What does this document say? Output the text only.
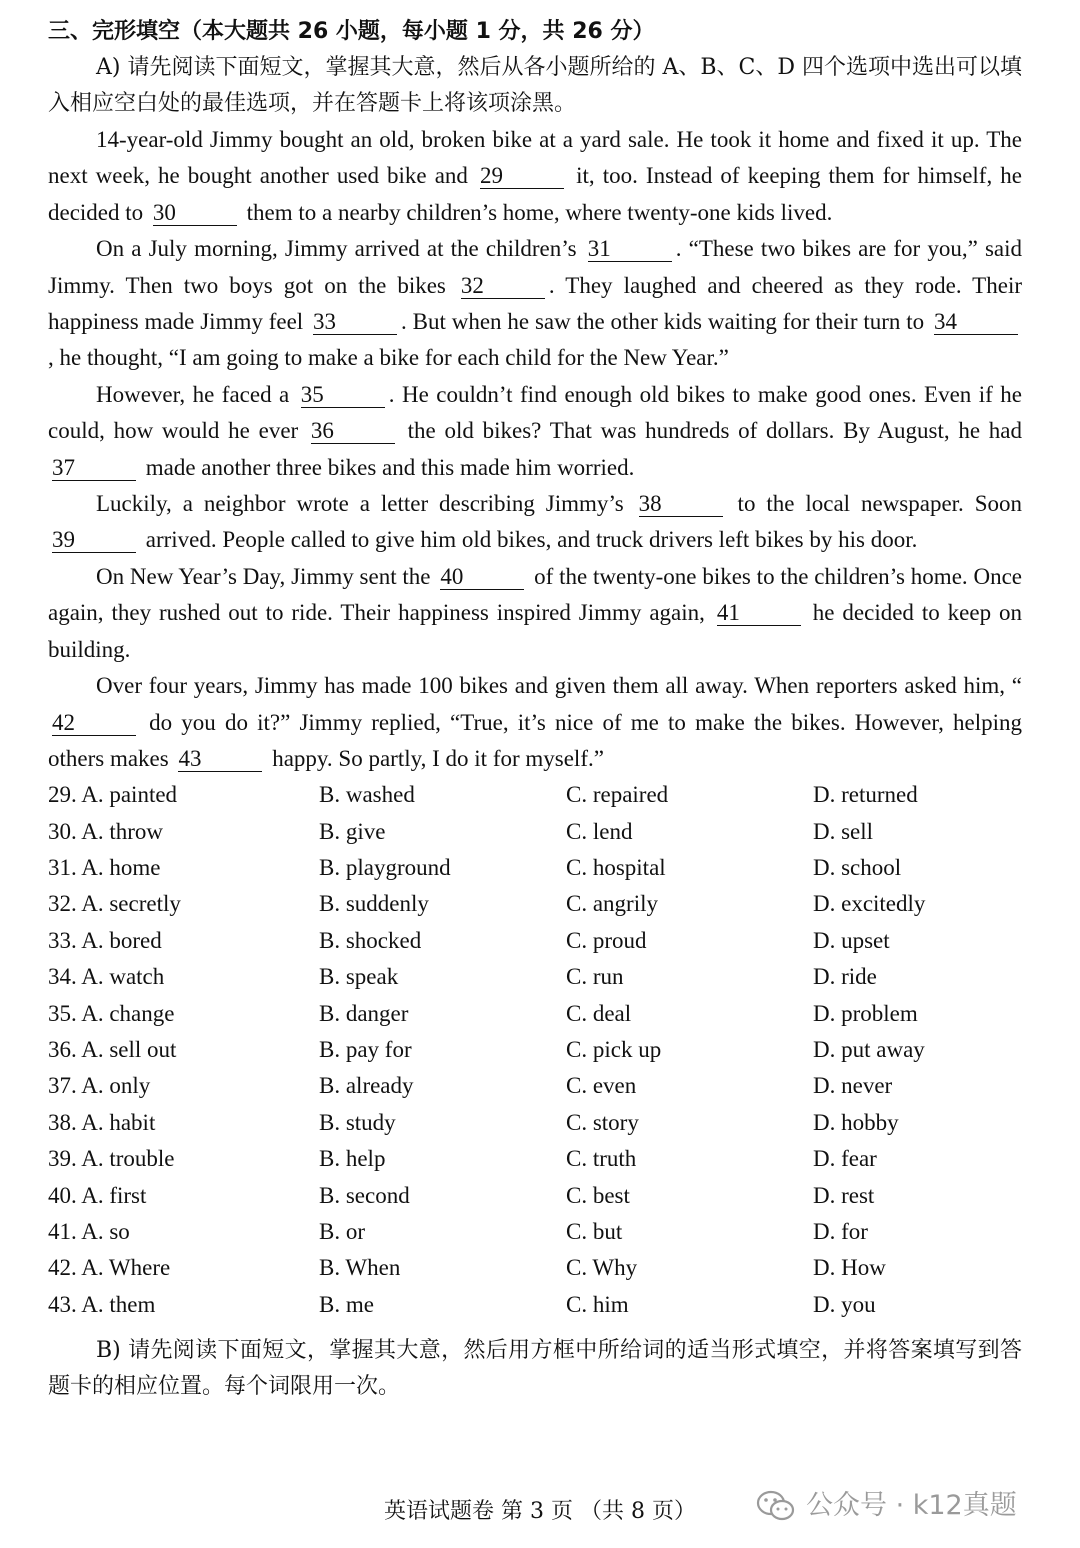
三、完形填空（本大题共 26 小题，每小题 1 分，共 26 分）

A) 请先阅读下面短文，掌握其大意，然后从各小题所给的 A、B、C、D 四个选项中选出可以填入相应空白处的最佳选项，并在答题卡上将该项涂黑。

14-year-old Jimmy bought an old, broken bike at a yard sale. He took it home and fixed it up. The next week, he bought another used bike and 29	it, too. Instead of keeping them for himself, he decided to 30	them to a nearby children’s home, where twenty-one kids lived.

On a July morning, Jimmy arrived at the children’s 31	. “These two bikes are for you,” said Jimmy. Then two boys got on the bikes 32	. They laughed and cheered as they rode. Their happiness made Jimmy feel 33	. But when he saw the other kids waiting for their turn to 34, he thought, “I am going to make a bike for each child for the New Year.”

However, he faced a 35	. He couldn’t find enough old bikes to make good ones. Even if he could, how would he ever 36	the old bikes? That was hundreds of dollars. By August, he had 37	made another three bikes and this made him worried.

Luckily, a neighbor wrote a letter describing Jimmy’s 38	to the local newspaper. Soon 39	arrived. People called to give him old bikes, and truck drivers left bikes by his door.

On New Year’s Day, Jimmy sent the 40	of the twenty-one bikes to the children’s home. Once again, they rushed out to ride. Their happiness inspired Jimmy again, 41	he decided to keep on building.

Over four years, Jimmy has made 100 bikes and given them all away. When reporters asked him, “42	do you do it?” Jimmy replied, “True, it’s nice of me to make the bikes. However, helping others makes 43	happy. So partly, I do it for myself.”

29. A. painted	B. washed	C. repaired	D. returned
30. A. throw	B. give	C. lend	D. sell
31. A. home	B. playground	C. hospital	D. school
32. A. secretly	B. suddenly	C. angrily	D. excitedly
33. A. bored	B. shocked	C. proud	D. upset
34. A. watch	B. speak	C. run	D. ride
35. A. change	B. danger	C. deal	D. problem
36. A. sell out	B. pay for	C. pick up	D. put away
37. A. only	B. already	C. even	D. never
38. A. habit	B. study	C. story	D. hobby
39. A. trouble	B. help	C. truth	D. fear
40. A. first	B. second	C. best	D. rest
41. A. so	B. or	C. but	D. for
42. A. Where	B. When	C. Why	D. How
43. A. them	B. me	C. him	D. you

B) 请先阅读下面短文，掌握其大意，然后用方框中所给词的适当形式填空，并将答案填写到答题卡的相应位置。每个词限用一次。

英语试题卷 第 3 页 （共 8 页）	公众号 · k12真题
